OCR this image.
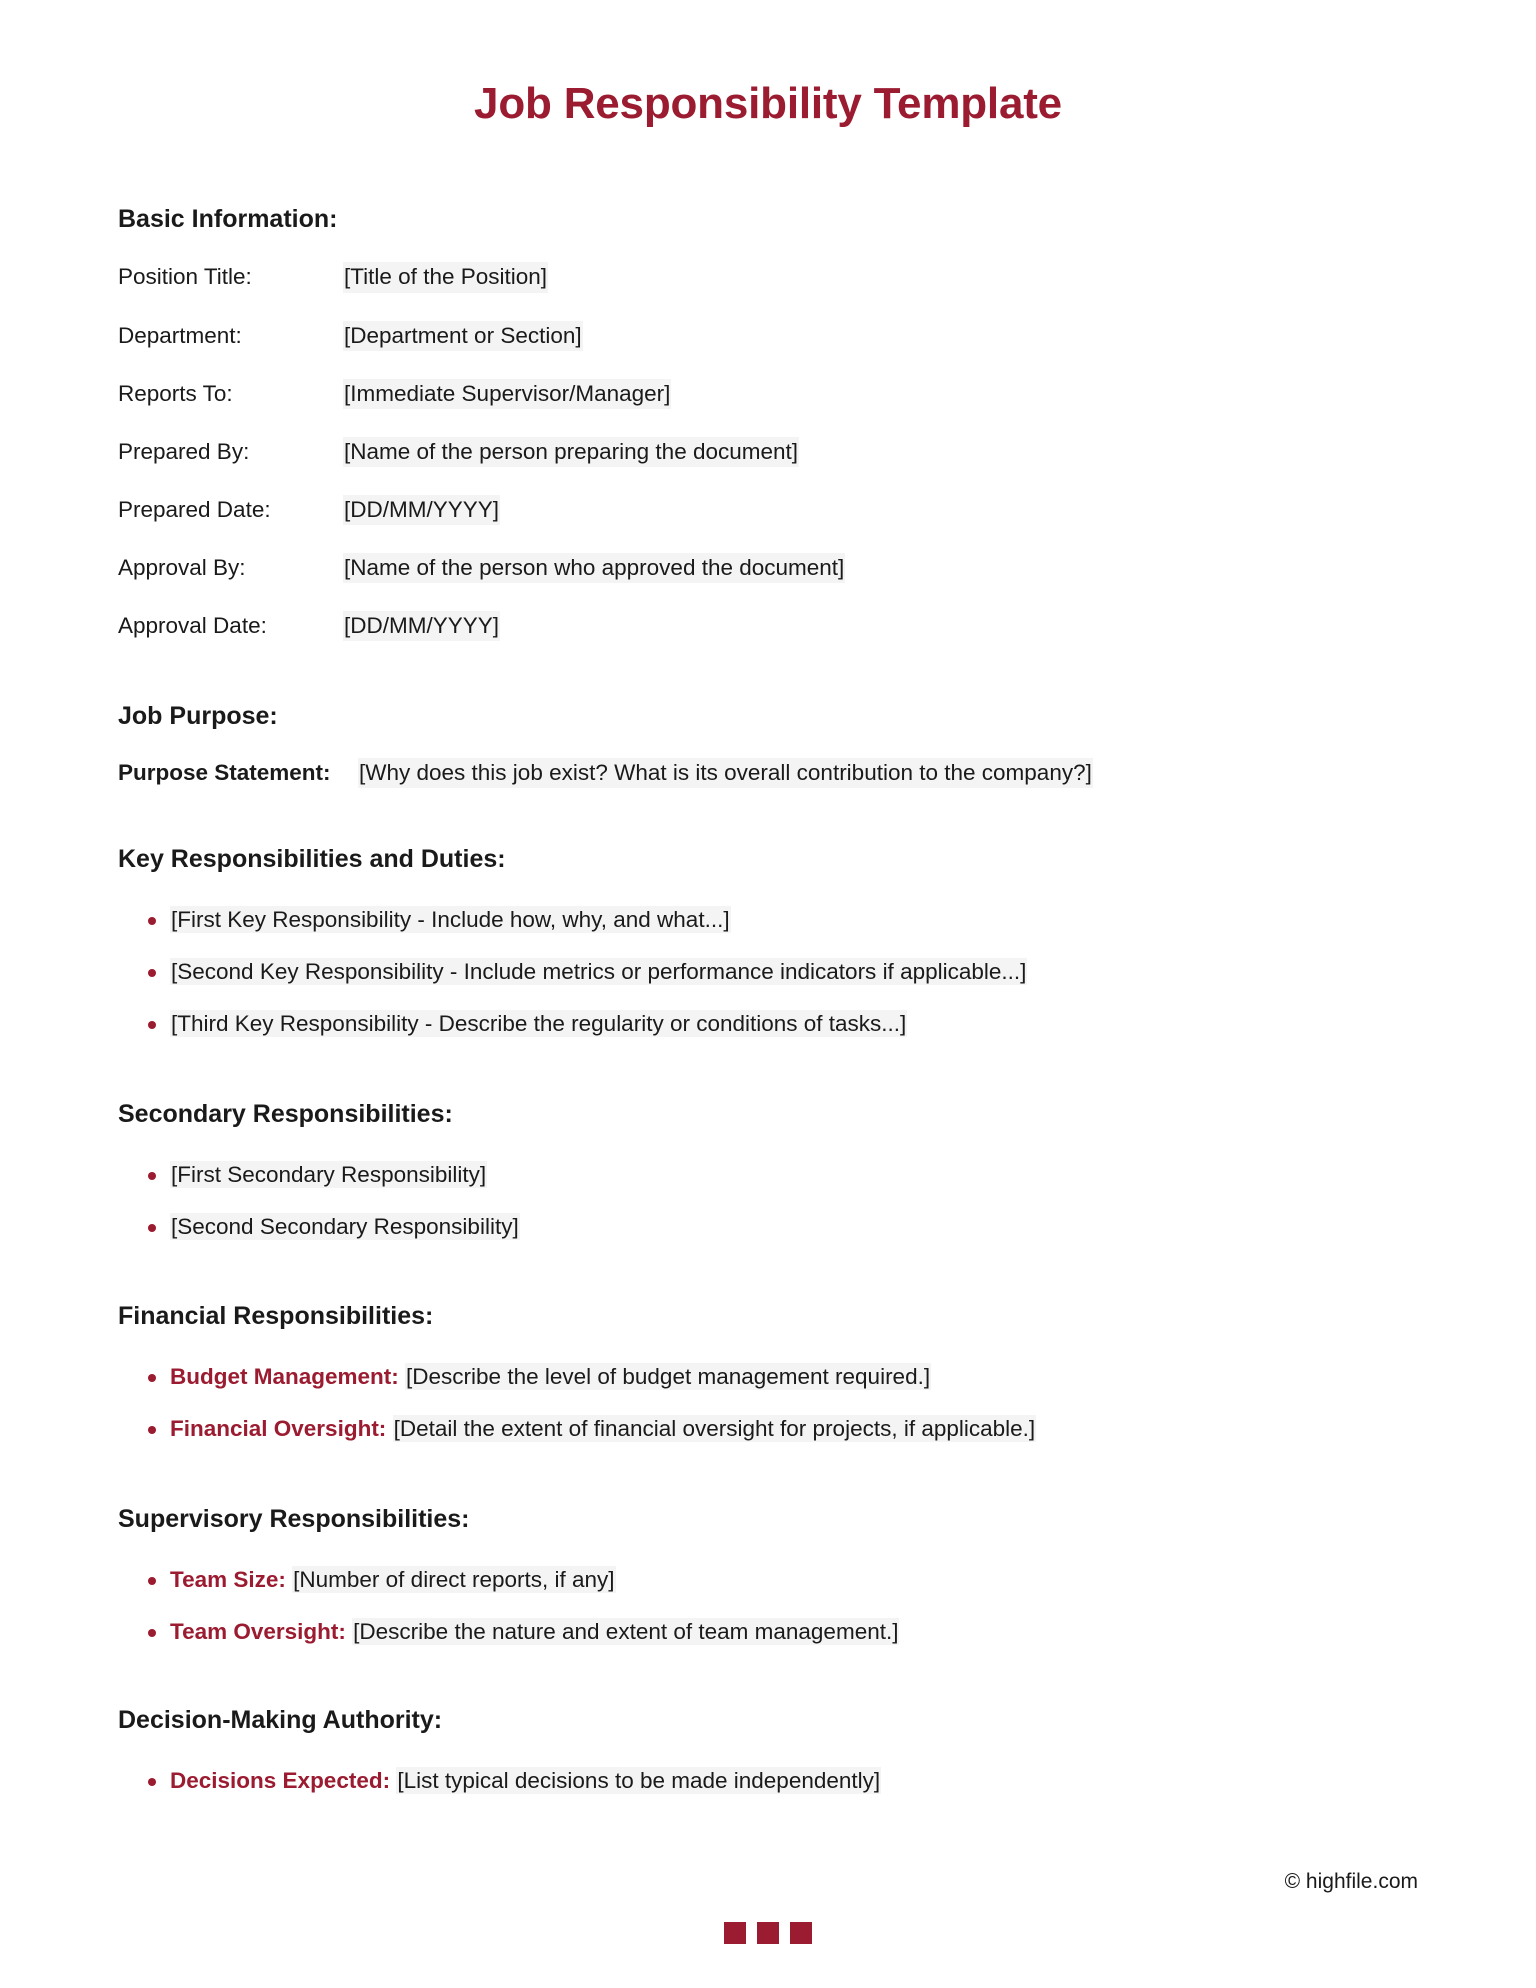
Job Responsibility Template
Basic Information:
Position Title:	[Title of the Position]
Department:	[Department or Section]
Reports To:	[Immediate Supervisor/Manager]
Prepared By:	[Name of the person preparing the document]
Prepared Date:	[DD/MM/YYYY]
Approval By:	[Name of the person who approved the document]
Approval Date:	[DD/MM/YYYY]
Job Purpose:
Purpose Statement:	[Why does this job exist? What is its overall contribution to the company?]
Key Responsibilities and Duties:
[First Key Responsibility - Include how, why, and what...]
[Second Key Responsibility - Include metrics or performance indicators if applicable...]
[Third Key Responsibility - Describe the regularity or conditions of tasks...]
Secondary Responsibilities:
[First Secondary Responsibility]
[Second Secondary Responsibility]
Financial Responsibilities:
Budget Management: [Describe the level of budget management required.]
Financial Oversight: [Detail the extent of financial oversight for projects, if applicable.]
Supervisory Responsibilities:
Team Size: [Number of direct reports, if any]
Team Oversight: [Describe the nature and extent of team management.]
Decision-Making Authority:
Decisions Expected: [List typical decisions to be made independently]
© highfile.com
